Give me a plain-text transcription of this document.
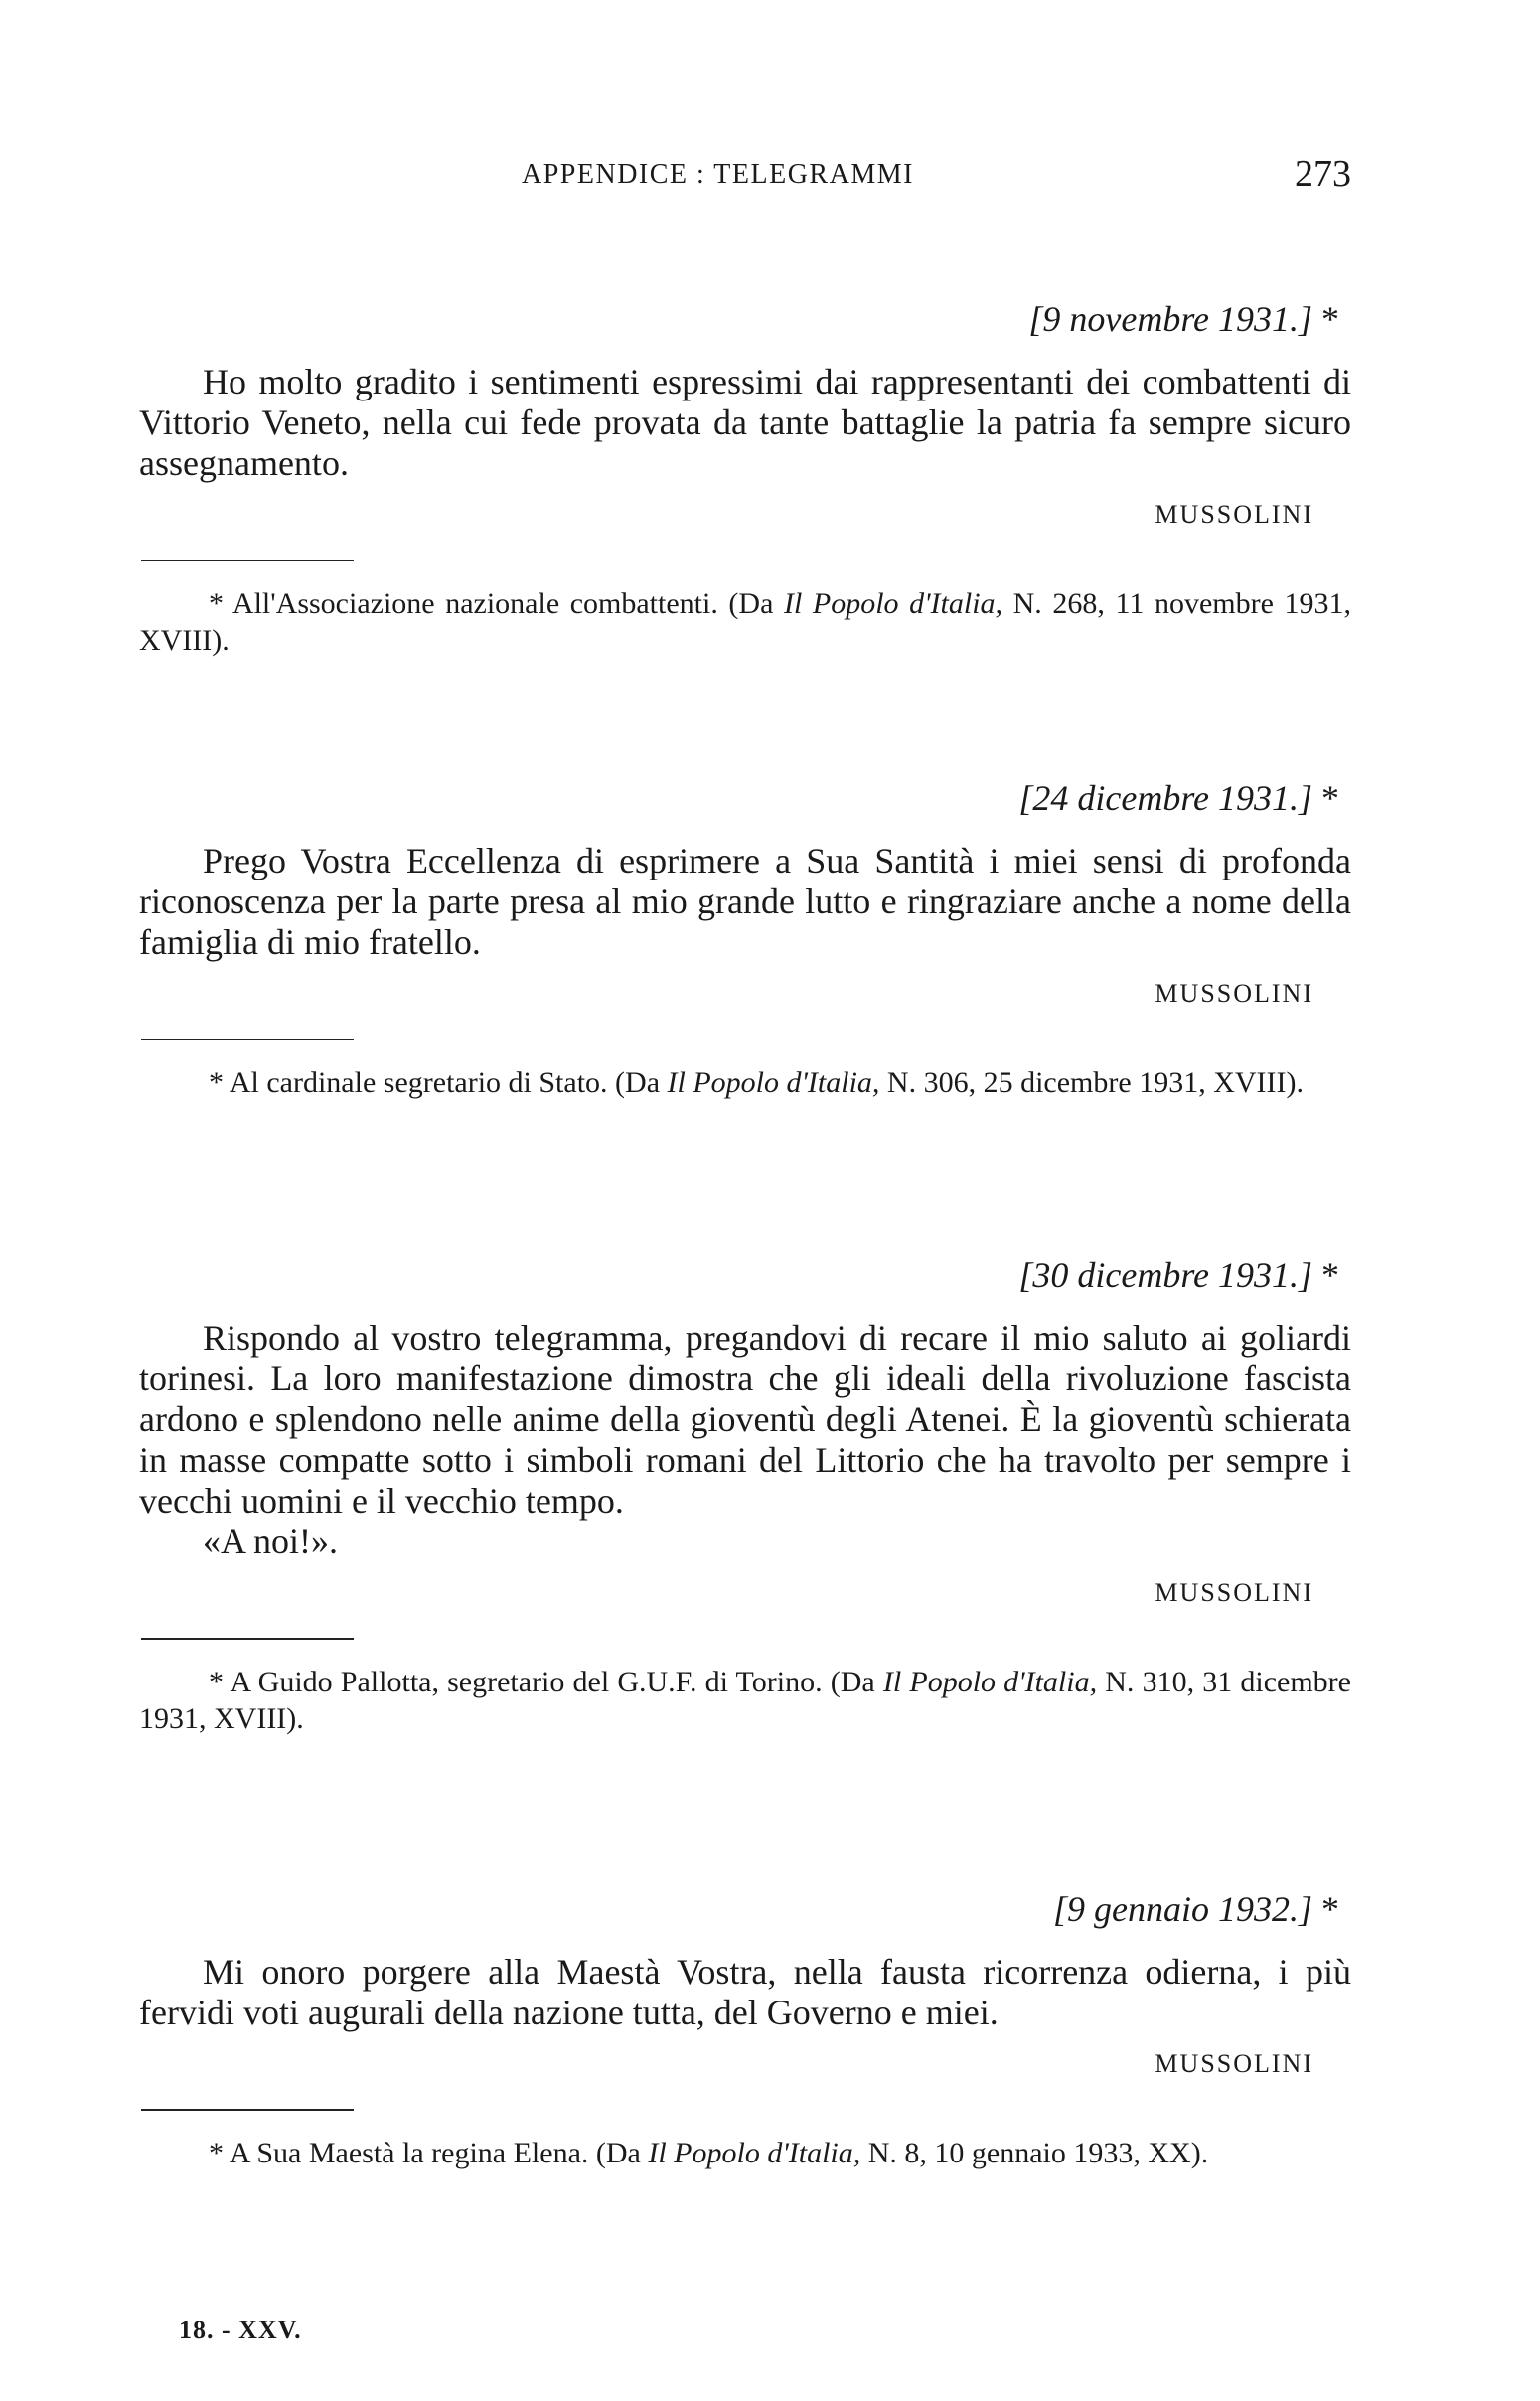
APPENDICE : TELEGRAMMI	273
[9 novembre 1931.] *

Ho molto gradito i sentimenti espressimi dai rappresentanti dei combattenti di Vittorio Veneto, nella cui fede provata da tante battaglie la patria fa sempre sicuro assegnamento.

MUSSOLINI

* All'Associazione nazionale combattenti. (Da Il Popolo d'Italia, N. 268, 11 novembre 1931, XVIII).

[24 dicembre 1931.] *

Prego Vostra Eccellenza di esprimere a Sua Santità i miei sensi di profonda riconoscenza per la parte presa al mio grande lutto e ringraziare anche a nome della famiglia di mio fratello.

MUSSOLINI

* Al cardinale segretario di Stato. (Da Il Popolo d'Italia, N. 306, 25 dicembre 1931, XVIII).

[30 dicembre 1931.] *

Rispondo al vostro telegramma, pregandovi di recare il mio saluto ai goliardi torinesi. La loro manifestazione dimostra che gli ideali della rivoluzione fascista ardono e splendono nelle anime della gioventù degli Atenei. È la gioventù schierata in masse compatte sotto i simboli romani del Littorio che ha travolto per sempre i vecchi uomini e il vecchio tempo.

«A noi!».

MUSSOLINI

* A Guido Pallotta, segretario del G.U.F. di Torino. (Da Il Popolo d'Italia, N. 310, 31 dicembre 1931, XVIII).

[9 gennaio 1932.] *

Mi onoro porgere alla Maestà Vostra, nella fausta ricorrenza odierna, i più fervidi voti augurali della nazione tutta, del Governo e miei.

MUSSOLINI

* A Sua Maestà la regina Elena. (Da Il Popolo d'Italia, N. 8, 10 gennaio 1933, XX).

18. - XXV.
